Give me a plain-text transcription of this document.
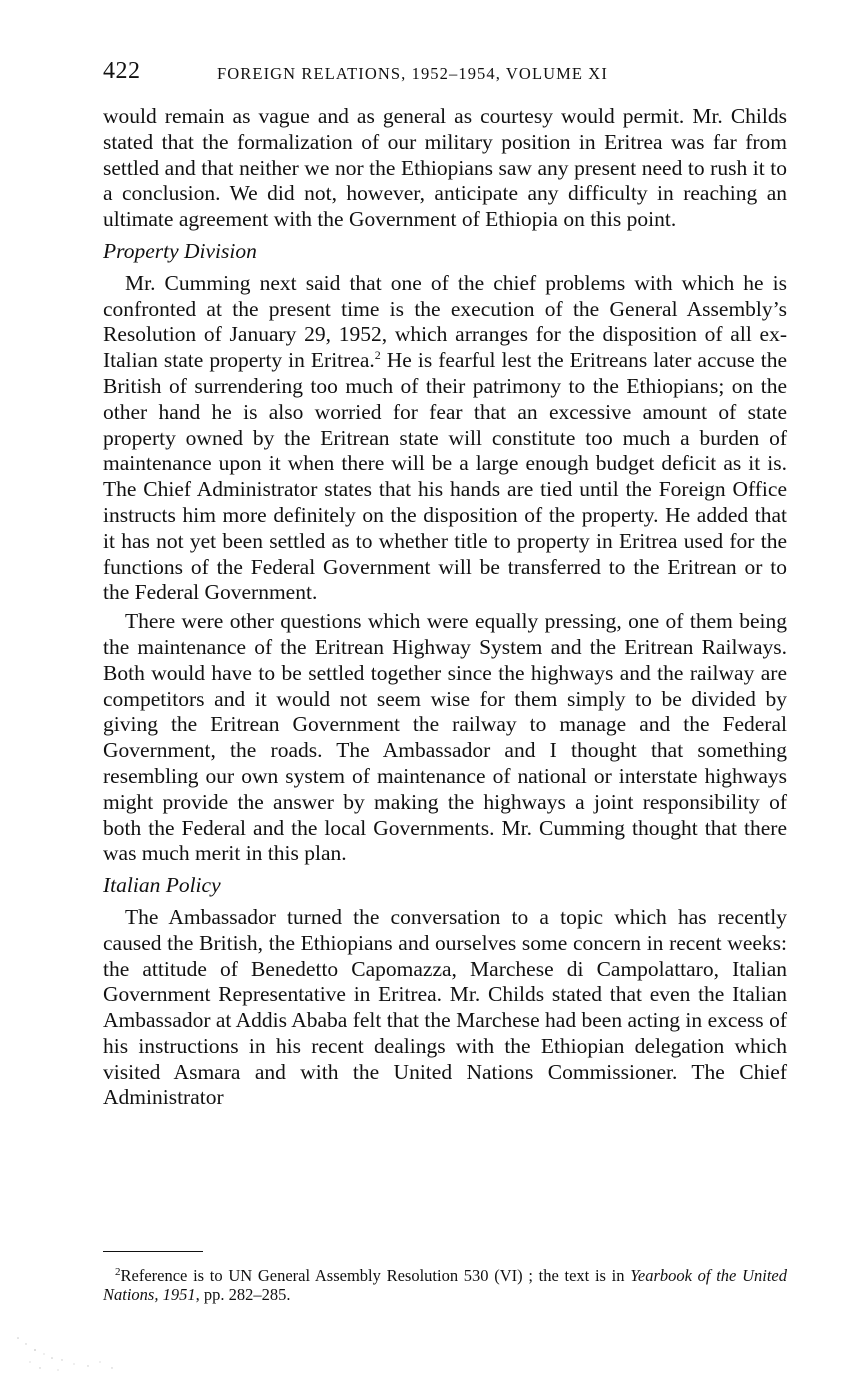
422	FOREIGN RELATIONS, 1952–1954, VOLUME XI

would remain as vague and as general as courtesy would permit. Mr. Childs stated that the formalization of our military position in Eritrea was far from settled and that neither we nor the Ethiopians saw any present need to rush it to a conclusion. We did not, however, anticipate any difficulty in reaching an ultimate agreement with the Government of Ethiopia on this point.

Property Division

Mr. Cumming next said that one of the chief problems with which he is confronted at the present time is the execution of the General Assembly’s Resolution of January 29, 1952, which arranges for the disposition of all ex-Italian state property in Eritrea.$^2$ He is fearful lest the Eritreans later accuse the British of surrendering too much of their patrimony to the Ethiopians; on the other hand he is also worried for fear that an excessive amount of state property owned by the Eritrean state will constitute too much a burden of maintenance upon it when there will be a large enough budget deficit as it is. The Chief Administrator states that his hands are tied until the Foreign Office instructs him more definitely on the disposition of the property. He added that it has not yet been settled as to whether title to property in Eritrea used for the functions of the Federal Government will be transferred to the Eritrean or to the Federal Government.

There were other questions which were equally pressing, one of them being the maintenance of the Eritrean Highway System and the Eritrean Railways. Both would have to be settled together since the highways and the railway are competitors and it would not seem wise for them simply to be divided by giving the Eritrean Government the railway to manage and the Federal Government, the roads. The Ambassador and I thought that something resembling our own system of maintenance of national or interstate highways might provide the answer by making the highways a joint responsibility of both the Federal and the local Governments. Mr. Cumming thought that there was much merit in this plan.

Italian Policy

The Ambassador turned the conversation to a topic which has recently caused the British, the Ethiopians and ourselves some concern in recent weeks: the attitude of Benedetto Capomazza, Marchese di Campolattaro, Italian Government Representative in Eritrea. Mr. Childs stated that even the Italian Ambassador at Addis Ababa felt that the Marchese had been acting in excess of his instructions in his recent dealings with the Ethiopian delegation which visited Asmara and with the United Nations Commissioner. The Chief Administrator

$^2$Reference is to UN General Assembly Resolution 530 (VI) ; the text is in Yearbook of the United Nations, 1951, pp. 282–285.
